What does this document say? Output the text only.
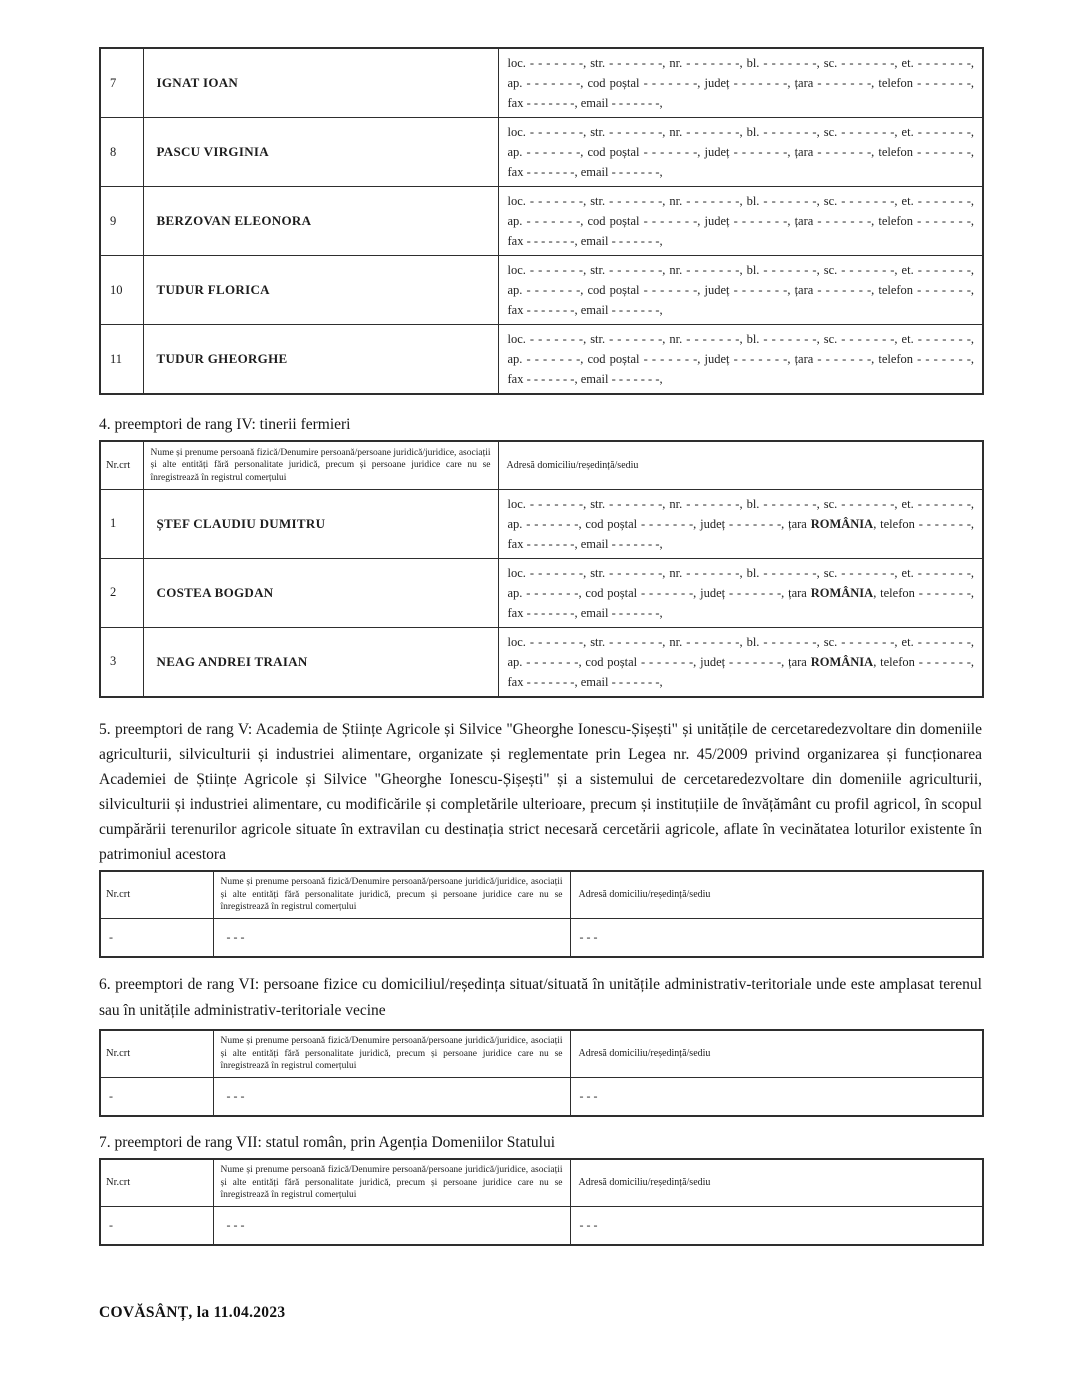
7	IGNAT IOAN	loc. - - - - - - -, str. - - - - - - -, nr. - - - - - - -, bl. - - - - - - -, sc. - - - - - - -, et. - - - - - - -,
ap. - - - - - - -, cod poștal - - - - - - -, județ - - - - - - -, țara - - - - - - -, telefon - - - - - - -,
fax - - - - - - -, email - - - - - - -,

8	PASCU VIRGINIA	loc. - - - - - - -, str. - - - - - - -, nr. - - - - - - -, bl. - - - - - - -, sc. - - - - - - -, et. - - - - - - -,
ap. - - - - - - -, cod poștal - - - - - - -, județ - - - - - - -, țara - - - - - - -, telefon - - - - - - -,
fax - - - - - - -, email - - - - - - -,

9	BERZOVAN ELEONORA	loc. - - - - - - -, str. - - - - - - -, nr. - - - - - - -, bl. - - - - - - -, sc. - - - - - - -, et. - - - - - - -,
ap. - - - - - - -, cod poștal - - - - - - -, județ - - - - - - -, țara - - - - - - -, telefon - - - - - - -,
fax - - - - - - -, email - - - - - - -,

10	TUDUR FLORICA	loc. - - - - - - -, str. - - - - - - -, nr. - - - - - - -, bl. - - - - - - -, sc. - - - - - - -, et. - - - - - - -,
ap. - - - - - - -, cod poștal - - - - - - -, județ - - - - - - -, țara - - - - - - -, telefon - - - - - - -,
fax - - - - - - -, email - - - - - - -,

11	TUDUR GHEORGHE	loc. - - - - - - -, str. - - - - - - -, nr. - - - - - - -, bl. - - - - - - -, sc. - - - - - - -, et. - - - - - - -,
ap. - - - - - - -, cod poștal - - - - - - -, județ - - - - - - -, țara - - - - - - -, telefon - - - - - - -,
fax - - - - - - -, email - - - - - - -,
4. preemptori de rang IV: tinerii fermieri
Nr.crt	Nume și prenume persoană fizică/Denumire persoană/persoane juridică/juridice, asociații și alte entități fără personalitate juridică, precum și persoane juridice care nu se înregistrează în registrul comerțului	Adresă domiciliu/reședință/sediu
1	ȘTEF CLAUDIU DUMITRU	loc. - - - - - - -, str. - - - - - - -, nr. - - - - - - -, bl. - - - - - - -, sc. - - - - - - -, et. - - - - - - -,
ap. - - - - - - -, cod poștal - - - - - - -, județ - - - - - - -, țara ROMÂNIA, telefon - - - - - - -,
fax - - - - - - -, email - - - - - - -,

2	COSTEA BOGDAN	loc. - - - - - - -, str. - - - - - - -, nr. - - - - - - -, bl. - - - - - - -, sc. - - - - - - -, et. - - - - - - -,
ap. - - - - - - -, cod poștal - - - - - - -, județ - - - - - - -, țara ROMÂNIA, telefon - - - - - - -,
fax - - - - - - -, email - - - - - - -,

3	NEAG ANDREI TRAIAN	loc. - - - - - - -, str. - - - - - - -, nr. - - - - - - -, bl. - - - - - - -, sc. - - - - - - -, et. - - - - - - -,
ap. - - - - - - -, cod poștal - - - - - - -, județ - - - - - - -, țara ROMÂNIA, telefon - - - - - - -,
fax - - - - - - -, email - - - - - - -,
5. preemptori de rang V: Academia de Științe Agricole și Silvice "Gheorghe Ionescu-Șișești" și unitățile de cercetaredezvoltare din domeniile agriculturii, silviculturii și industriei alimentare, organizate și reglementate prin Legea nr. 45/2009 privind organizarea și funcționarea Academiei de Științe Agricole și Silvice "Gheorghe Ionescu-Șișești" și a sistemului de cercetaredezvoltare din domeniile agriculturii, silviculturii și industriei alimentare, cu modificările și completările ulterioare, precum și instituțiile de învățământ cu profil agricol, în scopul cumpărării terenurilor agricole situate în extravilan cu destinația strict necesară cercetării agricole, aflate în vecinătatea loturilor existente în patrimoniul acestora
Nr.crt	Nume și prenume persoană fizică/Denumire persoană/persoane juridică/juridice, asociații și alte entități fără personalitate juridică, precum și persoane juridice care nu se înregistrează în registrul comerțului	Adresă domiciliu/reședință/sediu
-	- - -	- - -
6. preemptori de rang VI: persoane fizice cu domiciliul/reședința situat/situată în unitățile administrativ-teritoriale unde este amplasat terenul sau în unitățile administrativ-teritoriale vecine
Nr.crt	Nume și prenume persoană fizică/Denumire persoană/persoane juridică/juridice, asociații și alte entități fără personalitate juridică, precum și persoane juridice care nu se înregistrează în registrul comerțului	Adresă domiciliu/reședință/sediu
-	- - -	- - -
7. preemptori de rang VII: statul român, prin Agenția Domeniilor Statului
Nr.crt	Nume și prenume persoană fizică/Denumire persoană/persoane juridică/juridice, asociații și alte entități fără personalitate juridică, precum și persoane juridice care nu se înregistrează în registrul comerțului	Adresă domiciliu/reședință/sediu
-	- - -	- - -
COVĂSÂNȚ, la 11.04.2023
